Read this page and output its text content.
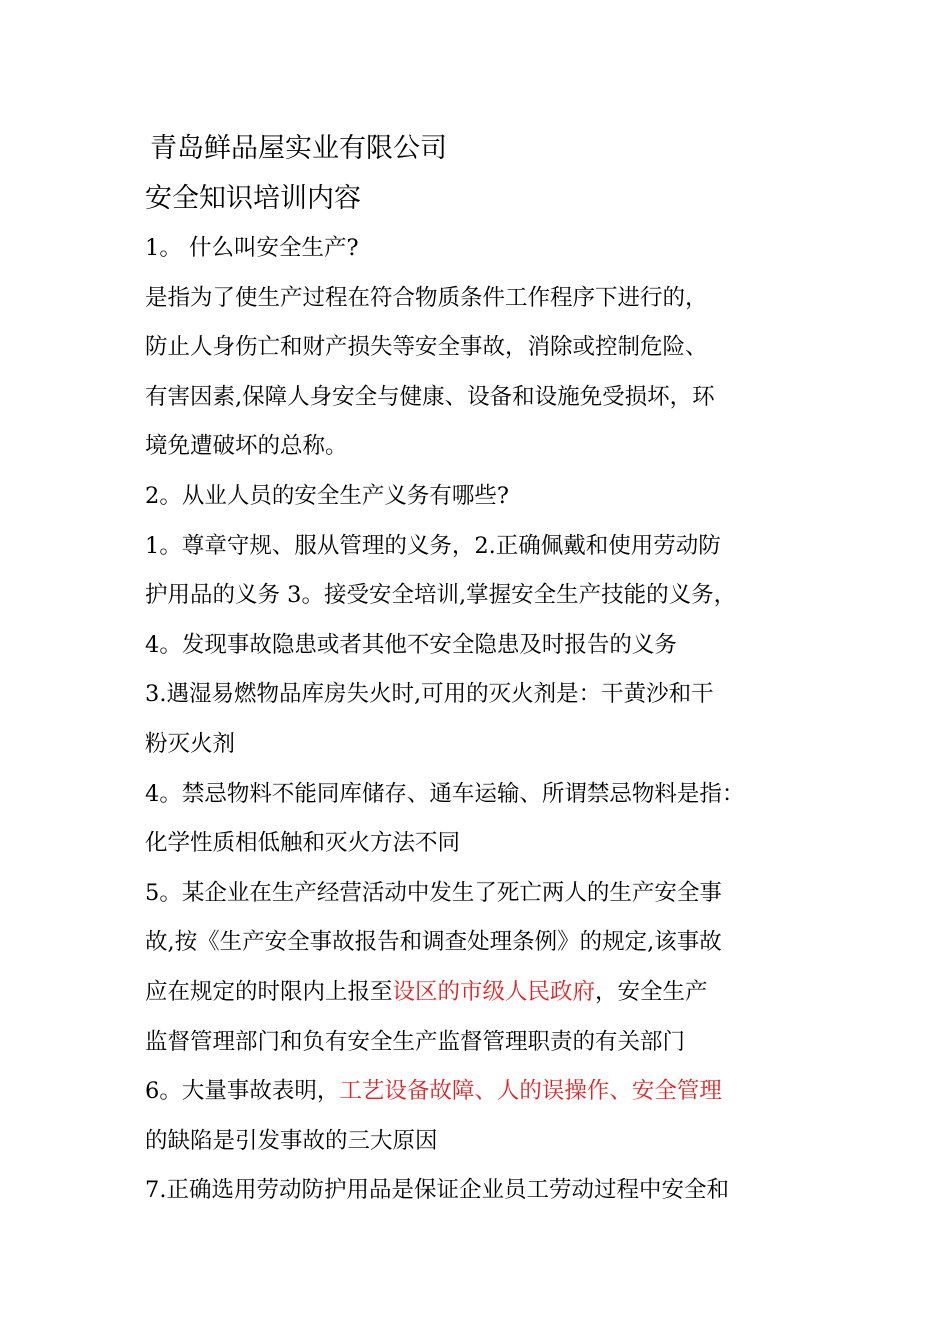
青岛鲜品屋实业有限公司
安全知识培训内容
1。 什么叫安全生产?
是指为了使生产过程在符合物质条件工作程序下进行的，
防止人身伤亡和财产损失等安全事故，消除或控制危险、
有害因素,保障人身安全与健康、设备和设施免受损坏，环
境免遭破坏的总称。
2。从业人员的安全生产义务有哪些?
1。尊章守规、服从管理的义务，2.正确佩戴和使用劳动防
护用品的义务 3。接受安全培训,掌握安全生产技能的义务，
4。发现事故隐患或者其他不安全隐患及时报告的义务
3.遇湿易燃物品库房失火时,可用的灭火剂是：干黄沙和干
粉灭火剂
4。禁忌物料不能同库储存、通车运输、所谓禁忌物料是指：
化学性质相低触和灭火方法不同
5。某企业在生产经营活动中发生了死亡两人的生产安全事
故,按《生产安全事故报告和调查处理条例》的规定,该事故
应在规定的时限内上报至设区的市级人民政府，安全生产
监督管理部门和负有安全生产监督管理职责的有关部门
6。大量事故表明，工艺设备故障、人的误操作、安全管理
的缺陷是引发事故的三大原因
7.正确选用劳动防护用品是保证企业员工劳动过程中安全和
